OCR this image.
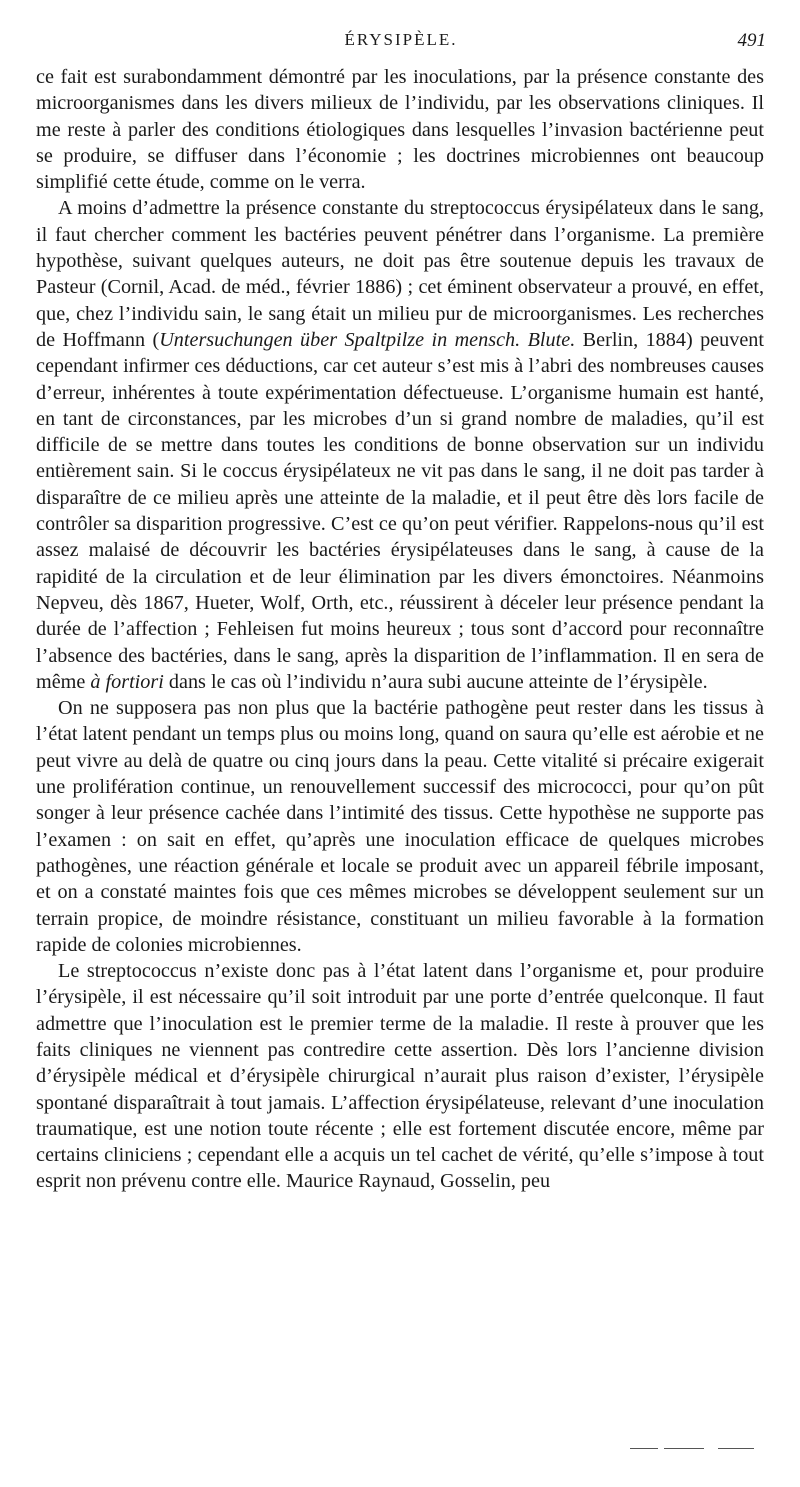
ÉRYSIPÈLE.	491

ce fait est surabondamment démontré par les inoculations, par la présence constante des microorganismes dans les divers milieux de l’individu, par les observations cliniques. Il me reste à parler des conditions étiologiques dans lesquelles l’invasion bactérienne peut se produire, se diffuser dans l’économie ; les doctrines microbiennes ont beaucoup simplifié cette étude, comme on le verra.

A moins d’admettre la présence constante du streptococcus érysipélateux dans le sang, il faut chercher comment les bactéries peuvent pénétrer dans l’organisme. La première hypothèse, suivant quelques auteurs, ne doit pas être soutenue depuis les travaux de Pasteur (Cornil, Acad. de méd., février 1886) ; cet éminent observateur a prouvé, en effet, que, chez l’individu sain, le sang était un milieu pur de microorganismes. Les recherches de Hoffmann (Untersuchungen über Spaltpilze in mensch. Blute. Berlin, 1884) peuvent cependant infirmer ces déductions, car cet auteur s’est mis à l’abri des nombreuses causes d’erreur, inhérentes à toute expérimentation défectueuse. L’organisme humain est hanté, en tant de circonstances, par les microbes d’un si grand nombre de maladies, qu’il est difficile de se mettre dans toutes les conditions de bonne observation sur un individu entièrement sain. Si le coccus érysipélateux ne vit pas dans le sang, il ne doit pas tarder à disparaître de ce milieu après une atteinte de la maladie, et il peut être dès lors facile de contrôler sa disparition progressive. C’est ce qu’on peut vérifier. Rappelons-nous qu’il est assez malaisé de découvrir les bactéries érysipélateuses dans le sang, à cause de la rapidité de la circulation et de leur élimination par les divers émonctoires. Néanmoins Nepveu, dès 1867, Hueter, Wolf, Orth, etc., réussirent à déceler leur présence pendant la durée de l’affection ; Fehleisen fut moins heureux ; tous sont d’accord pour reconnaître l’absence des bactéries, dans le sang, après la disparition de l’inflammation. Il en sera de même à fortiori dans le cas où l’individu n’aura subi aucune atteinte de l’érysipèle.

On ne supposera pas non plus que la bactérie pathogène peut rester dans les tissus à l’état latent pendant un temps plus ou moins long, quand on saura qu’elle est aérobie et ne peut vivre au delà de quatre ou cinq jours dans la peau. Cette vitalité si précaire exigerait une prolifération continue, un renouvellement successif des micrococci, pour qu’on pût songer à leur présence cachée dans l’intimité des tissus. Cette hypothèse ne supporte pas l’examen : on sait en effet, qu’après une inoculation efficace de quelques microbes pathogènes, une réaction générale et locale se produit avec un appareil fébrile imposant, et on a constaté maintes fois que ces mêmes microbes se développent seulement sur un terrain propice, de moindre résistance, constituant un milieu favorable à la formation rapide de colonies microbiennes.

Le streptococcus n’existe donc pas à l’état latent dans l’organisme et, pour produire l’érysipèle, il est nécessaire qu’il soit introduit par une porte d’entrée quelconque. Il faut admettre que l’inoculation est le premier terme de la maladie. Il reste à prouver que les faits cliniques ne viennent pas contredire cette assertion. Dès lors l’ancienne division d’érysipèle médical et d’érysipèle chirurgical n’aurait plus raison d’exister, l’érysipèle spontané disparaîtrait à tout jamais. L’affection érysipélateuse, relevant d’une inoculation traumatique, est une notion toute récente ; elle est fortement discutée encore, même par certains cliniciens ; cependant elle a acquis un tel cachet de vérité, qu’elle s’impose à tout esprit non prévenu contre elle. Maurice Raynaud, Gosselin, peu
